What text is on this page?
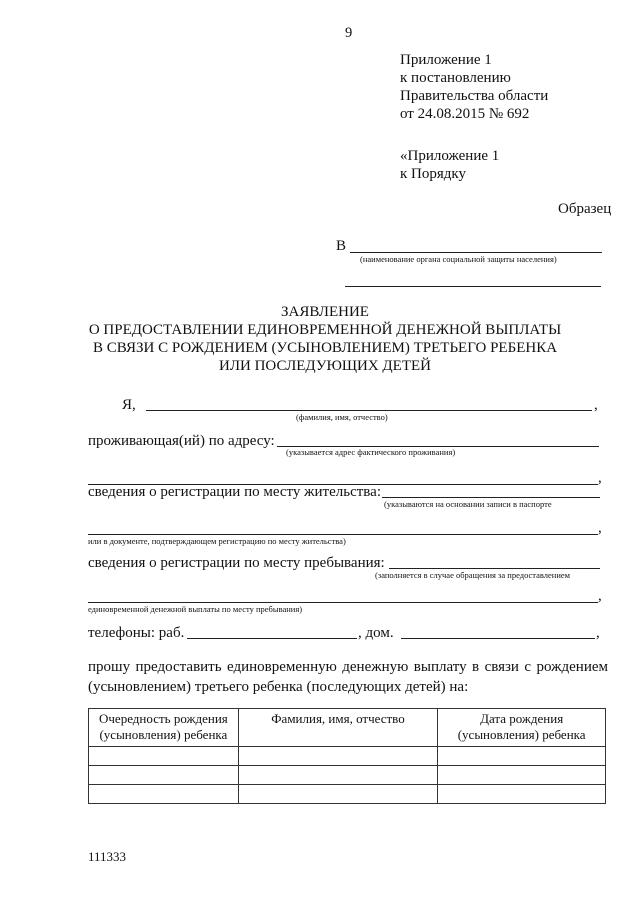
9
Приложение 1
к постановлению
Правительства области
от 24.08.2015 № 692
«Приложение 1
к Порядку
Образец
В
(наименование органа социальной защиты населения)
ЗАЯВЛЕНИЕ
О ПРЕДОСТАВЛЕНИИ ЕДИНОВРЕМЕННОЙ ДЕНЕЖНОЙ ВЫПЛАТЫ
В СВЯЗИ С РОЖДЕНИЕМ (УСЫНОВЛЕНИЕМ) ТРЕТЬЕГО РЕБЕНКА
ИЛИ ПОСЛЕДУЮЩИХ ДЕТЕЙ
Я,	,
(фамилия, имя, отчество)
проживающая(ий) по адресу:
(указывается адрес фактического проживания)
,
сведения о регистрации по месту жительства:
(указываются на основании записи в паспорте
,
или в документе, подтверждающем регистрацию по месту жительства)
сведения о регистрации по месту пребывания:
(заполняется в случае обращения за предоставлением
,
единовременной денежной выплаты по месту пребывания)
телефоны: раб.	, дом.	,
прошу предоставить единовременную денежную выплату в связи с рождением (усыновлением) третьего ребенка (последующих детей) на:
Очередность рождения (усыновления) ребенка	Фамилия, имя, отчество	Дата рождения (усыновления) ребенка

111333
